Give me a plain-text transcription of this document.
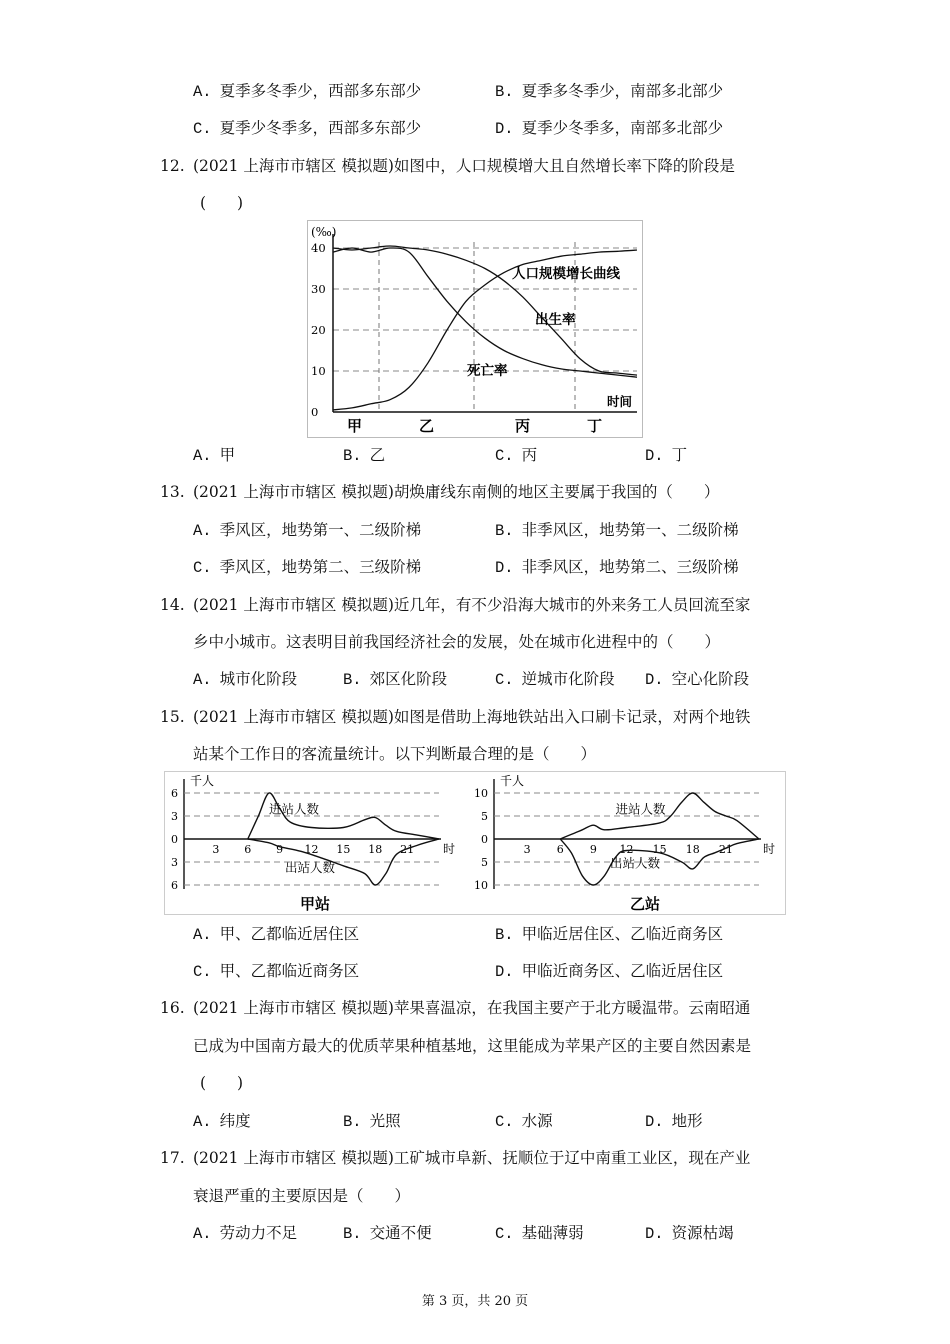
A. 夏季多冬季少，西部多东部少	B. 夏季多冬季少，南部多北部少
C. 夏季少冬季多，西部多东部少	D. 夏季少冬季多，南部多北部少
12. (2021 上海市市辖区 模拟题)如图中，人口规模增大且自然增长率下降的阶段是
(　　)
0
10
20
30
40
(‰)
人口规模增长曲线
出生率
死亡率
时间
甲	乙	丙	丁
A. 甲	B. 乙	C. 丙	D. 丁
13. (2021 上海市市辖区 模拟题)胡焕庸线东南侧的地区主要属于我国的（　　）
A. 季风区，地势第一、二级阶梯	B. 非季风区，地势第一、二级阶梯
C. 季风区，地势第二、三级阶梯	D. 非季风区，地势第二、三级阶梯
14. (2021 上海市市辖区 模拟题)近几年，有不少沿海大城市的外来务工人员回流至家
乡中小城市。这表明目前我国经济社会的发展，处在城市化进程中的（　　）
A. 城市化阶段	B. 郊区化阶段	C. 逆城市化阶段 D. 空心化阶段
15. (2021 上海市市辖区 模拟题)如图是借助上海地铁站出入口刷卡记录，对两个地铁
站某个工作日的客流量统计。以下判断最合理的是（　　）
6
3
0
3
6
千人
3 6 9 12 15 18 21 时
进站人数
出站人数
10
5
0
5
10
千人
3 6 9 12 15 18 21	时
进站人数
出站人数
甲站	乙站
A. 甲、乙都临近居住区	B. 甲临近居住区、乙临近商务区
C. 甲、乙都临近商务区	D. 甲临近商务区、乙临近居住区
16. (2021 上海市市辖区 模拟题)苹果喜温凉，在我国主要产于北方暖温带。云南昭通
已成为中国南方最大的优质苹果种植基地，这里能成为苹果产区的主要自然因素是
(　　)
A. 纬度	B. 光照	C. 水源	D. 地形
17. (2021 上海市市辖区 模拟题)工矿城市阜新、抚顺位于辽中南重工业区，现在产业
衰退严重的主要原因是（　　）
A. 劳动力不足	B. 交通不便	C. 基础薄弱	D. 资源枯竭
第 3 页，共 20 页
